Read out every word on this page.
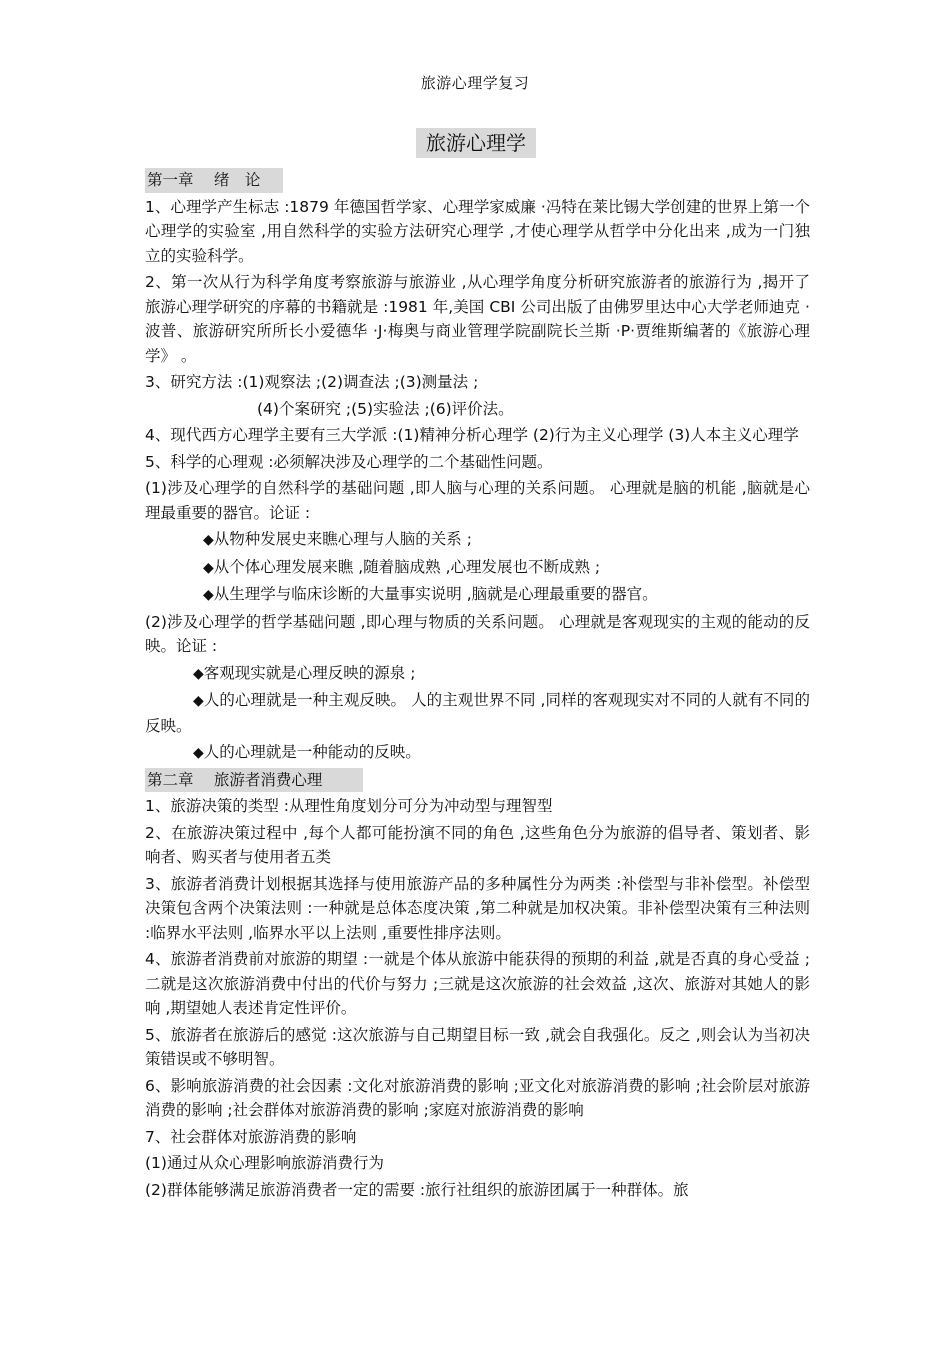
旅游心理学复习
旅游心理学
第一章　 绪　论

1、心理学产生标志 :1879 年德国哲学家、心理学家威廉 ·冯特在莱比锡大学创建的世界上第一个心理学的实验室 ,用自然科学的实验方法研究心理学 ,才使心理学从哲学中分化出来 ,成为一门独立的实验科学。

2、第一次从行为科学角度考察旅游与旅游业 ,从心理学角度分析研究旅游者的旅游行为 ,揭开了旅游心理学研究的序幕的书籍就是 :1981 年,美国 CBI 公司出版了由佛罗里达中心大学老师迪克 ·波普、旅游研究所所长小爱德华 ·J·梅奥与商业管理学院副院长兰斯 ·P·贾维斯编著的《旅游心理学》 。

3、研究方法 :(1)观察法 ;(2)调查法 ;(3)测量法 ;

(4)个案研究 ;(5)实验法 ;(6)评价法。

4、现代西方心理学主要有三大学派 :(1)精神分析心理学 (2)行为主义心理学 (3)人本主义心理学

5、科学的心理观 :必须解决涉及心理学的二个基础性问题。

(1)涉及心理学的自然科学的基础问题 ,即人脑与心理的关系问题。 心理就是脑的机能 ,脑就是心理最重要的器官。论证 :

◆从物种发展史来瞧心理与人脑的关系 ;

◆从个体心理发展来瞧 ,随着脑成熟 ,心理发展也不断成熟 ;

◆从生理学与临床诊断的大量事实说明 ,脑就是心理最重要的器官。

(2)涉及心理学的哲学基础问题 ,即心理与物质的关系问题。 心理就是客观现实的主观的能动的反映。论证 :

◆客观现实就是心理反映的源泉 ;

◆人的心理就是一种主观反映。 人的主观世界不同 ,同样的客观现实对不同的人就有不同的反映。

◆人的心理就是一种能动的反映。

第二章　 旅游者消费心理

1、旅游决策的类型 :从理性角度划分可分为冲动型与理智型

2、在旅游决策过程中 ,每个人都可能扮演不同的角色 ,这些角色分为旅游的倡导者、策划者、影响者、购买者与使用者五类

3、旅游者消费计划根据其选择与使用旅游产品的多种属性分为两类 :补偿型与非补偿型。补偿型决策包含两个决策法则 :一种就是总体态度决策 ,第二种就是加权决策。非补偿型决策有三种法则 :临界水平法则 ,临界水平以上法则 ,重要性排序法则。

4、旅游者消费前对旅游的期望 :一就是个体从旅游中能获得的预期的利益 ,就是否真的身心受益 ;二就是这次旅游消费中付出的代价与努力 ;三就是这次旅游的社会效益 ,这次、旅游对其她人的影响 ,期望她人表述肯定性评价。

5、旅游者在旅游后的感觉 :这次旅游与自己期望目标一致 ,就会自我强化。反之 ,则会认为当初决策错误或不够明智。

6、影响旅游消费的社会因素 :文化对旅游消费的影响 ;亚文化对旅游消费的影响 ;社会阶层对旅游消费的影响 ;社会群体对旅游消费的影响 ;家庭对旅游消费的影响

7、社会群体对旅游消费的影响

(1)通过从众心理影响旅游消费行为

(2)群体能够满足旅游消费者一定的需要 :旅行社组织的旅游团属于一种群体。旅
